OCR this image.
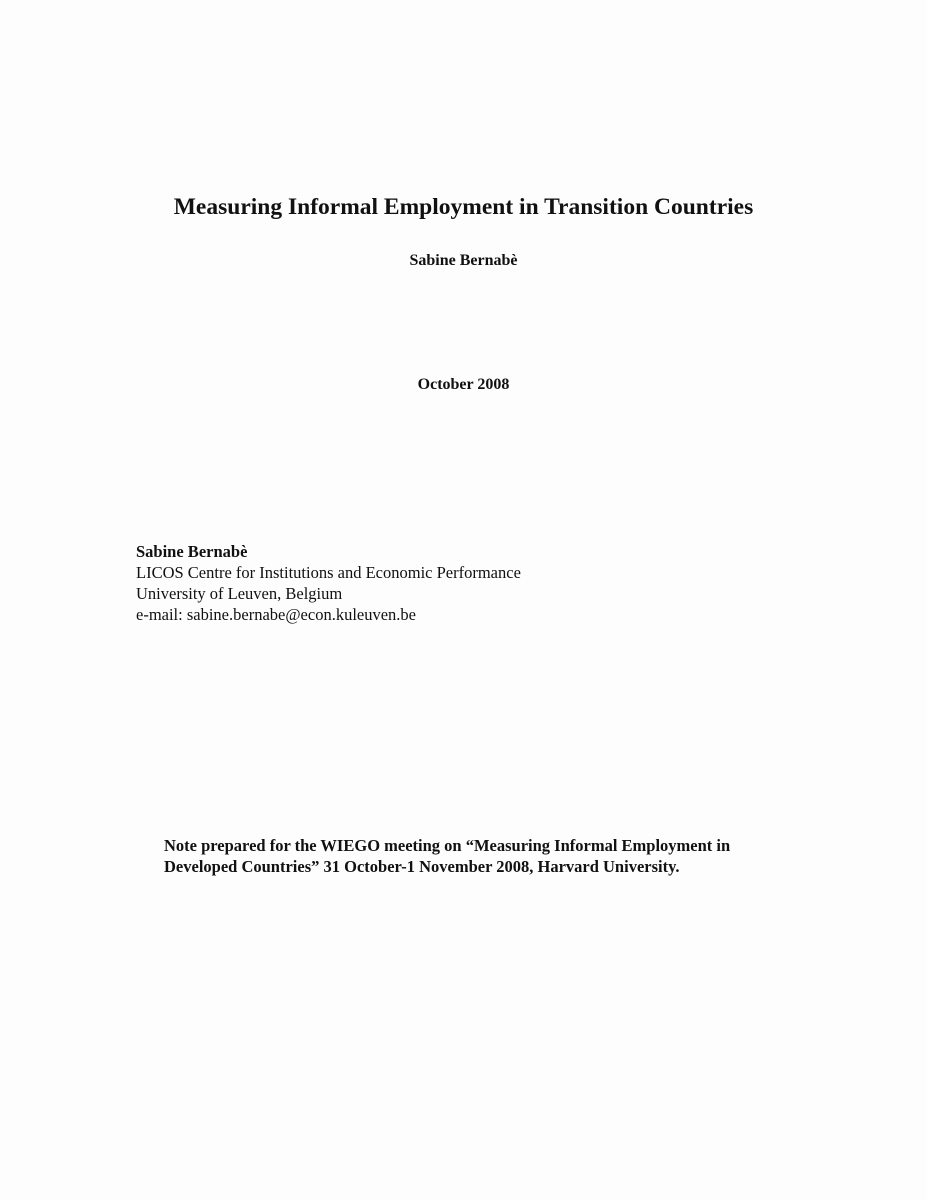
Measuring Informal Employment in Transition Countries
Sabine Bernabè
October 2008
Sabine Bernabè
LICOS Centre for Institutions and Economic Performance
University of Leuven, Belgium
e-mail: sabine.bernabe@econ.kuleuven.be
Note prepared for the WIEGO meeting on “Measuring Informal Employment in
Developed Countries” 31 October-1 November 2008, Harvard University.
